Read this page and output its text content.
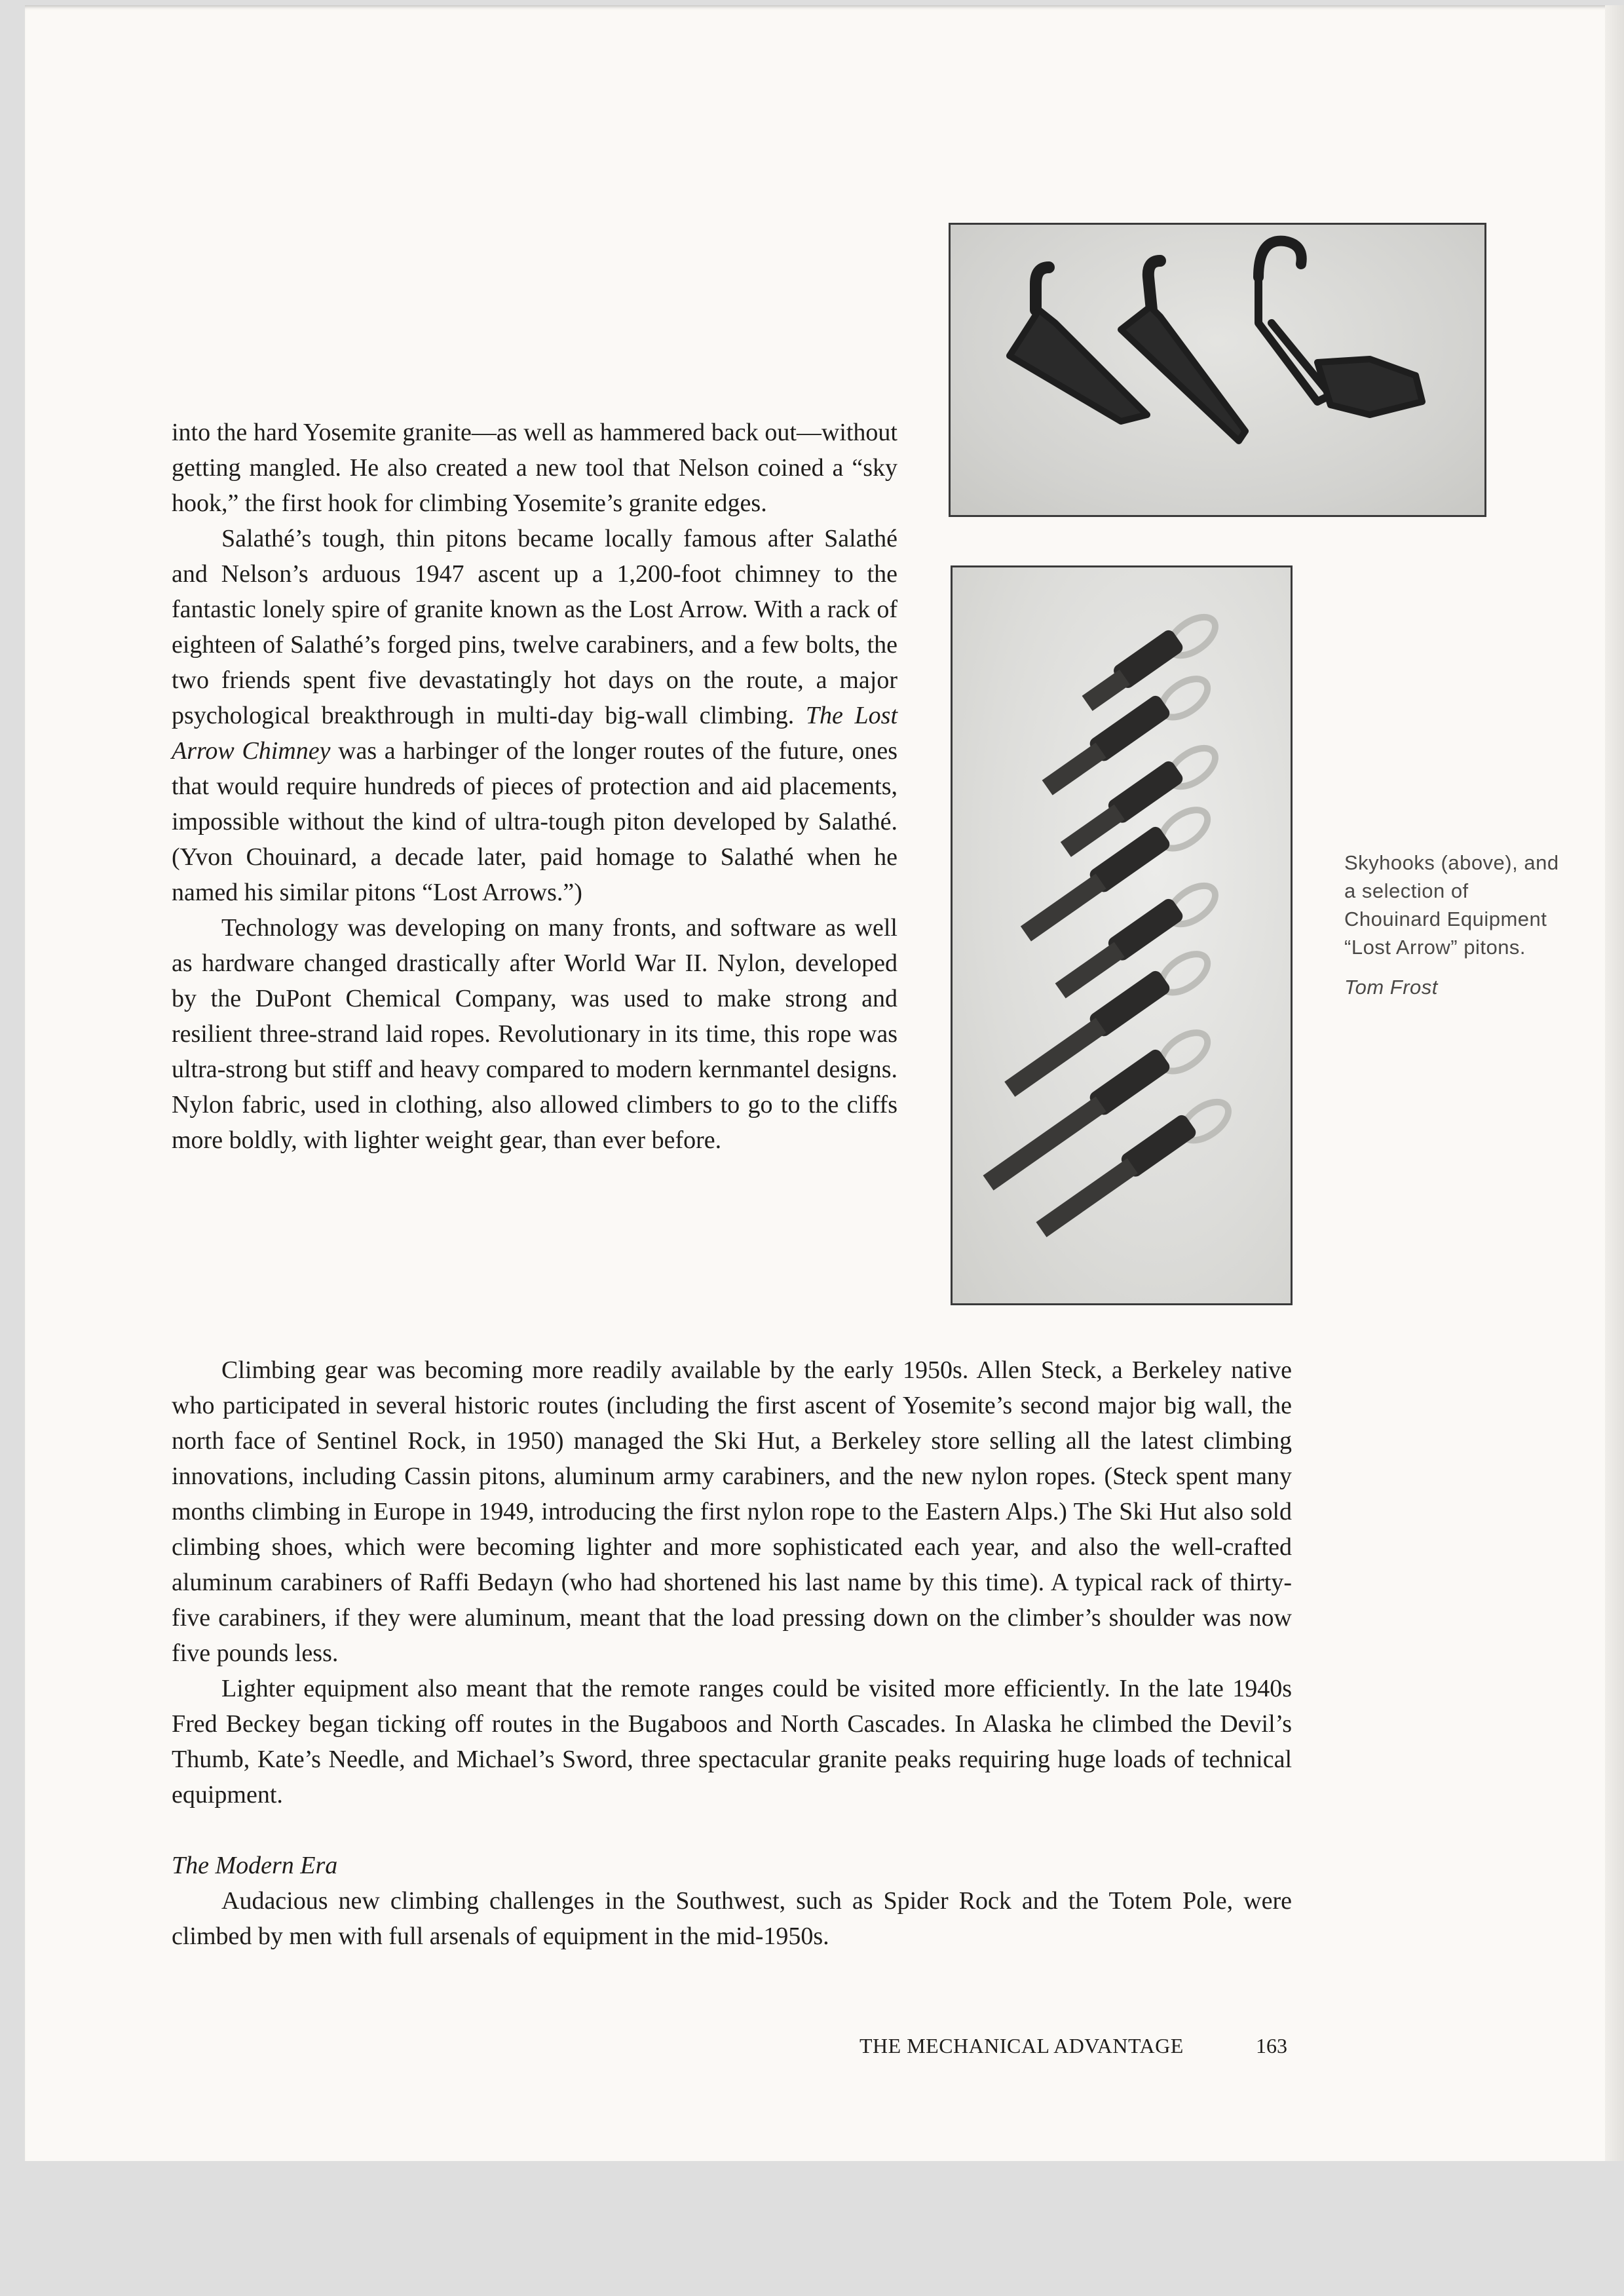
into the hard Yosemite granite—as well as hammered back out—without getting mangled. He also created a new tool that Nelson coined a “sky hook,” the first hook for climbing Yosemite’s granite edges.

Salathé’s tough, thin pitons became locally famous after Salathé and Nelson’s arduous 1947 ascent up a 1,200-foot chimney to the fantastic lonely spire of granite known as the Lost Arrow. With a rack of eighteen of Salathé’s forged pins, twelve carabiners, and a few bolts, the two friends spent five devastatingly hot days on the route, a major psychological breakthrough in multi-day big-wall climbing. The Lost Arrow Chimney was a harbinger of the longer routes of the future, ones that would require hundreds of pieces of protection and aid placements, impossible without the kind of ultra-tough piton developed by Salathé. (Yvon Chouinard, a decade later, paid homage to Salathé when he named his similar pitons “Lost Arrows.”)

Technology was developing on many fronts, and software as well as hardware changed drastically after World War II. Nylon, developed by the DuPont Chemical Company, was used to make strong and resilient three-strand laid ropes. Revolutionary in its time, this rope was ultra-strong but stiff and heavy compared to modern kernmantel designs. Nylon fabric, used in clothing, also allowed climbers to go to the cliffs more boldly, with lighter weight gear, than ever before.

Climbing gear was becoming more readily available by the early 1950s. Allen Steck, a Berkeley native who participated in several historic routes (including the first ascent of Yosemite’s second major big wall, the north face of Sentinel Rock, in 1950) managed the Ski Hut, a Berkeley store selling all the latest climbing innovations, including Cassin pitons, aluminum army carabiners, and the new nylon ropes. (Steck spent many months climbing in Europe in 1949, introducing the first nylon rope to the Eastern Alps.) The Ski Hut also sold climbing shoes, which were becoming lighter and more sophisticated each year, and also the well-crafted aluminum carabiners of Raffi Bedayn (who had shortened his last name by this time). A typical rack of thirty-five carabiners, if they were aluminum, meant that the load pressing down on the climber’s shoulder was now five pounds less.

Lighter equipment also meant that the remote ranges could be visited more efficiently. In the late 1940s Fred Beckey began ticking off routes in the Bugaboos and North Cascades. In Alaska he climbed the Devil’s Thumb, Kate’s Needle, and Michael’s Sword, three spectacular granite peaks requiring huge loads of technical equipment.

The Modern Era

Audacious new climbing challenges in the Southwest, such as Spider Rock and the Totem Pole, were climbed by men with full arsenals of equipment in the mid-1950s.

Skyhooks (above), and a selection of Chouinard Equipment “Lost Arrow” pitons.
Tom Frost
THE MECHANICAL ADVANTAGE	163
